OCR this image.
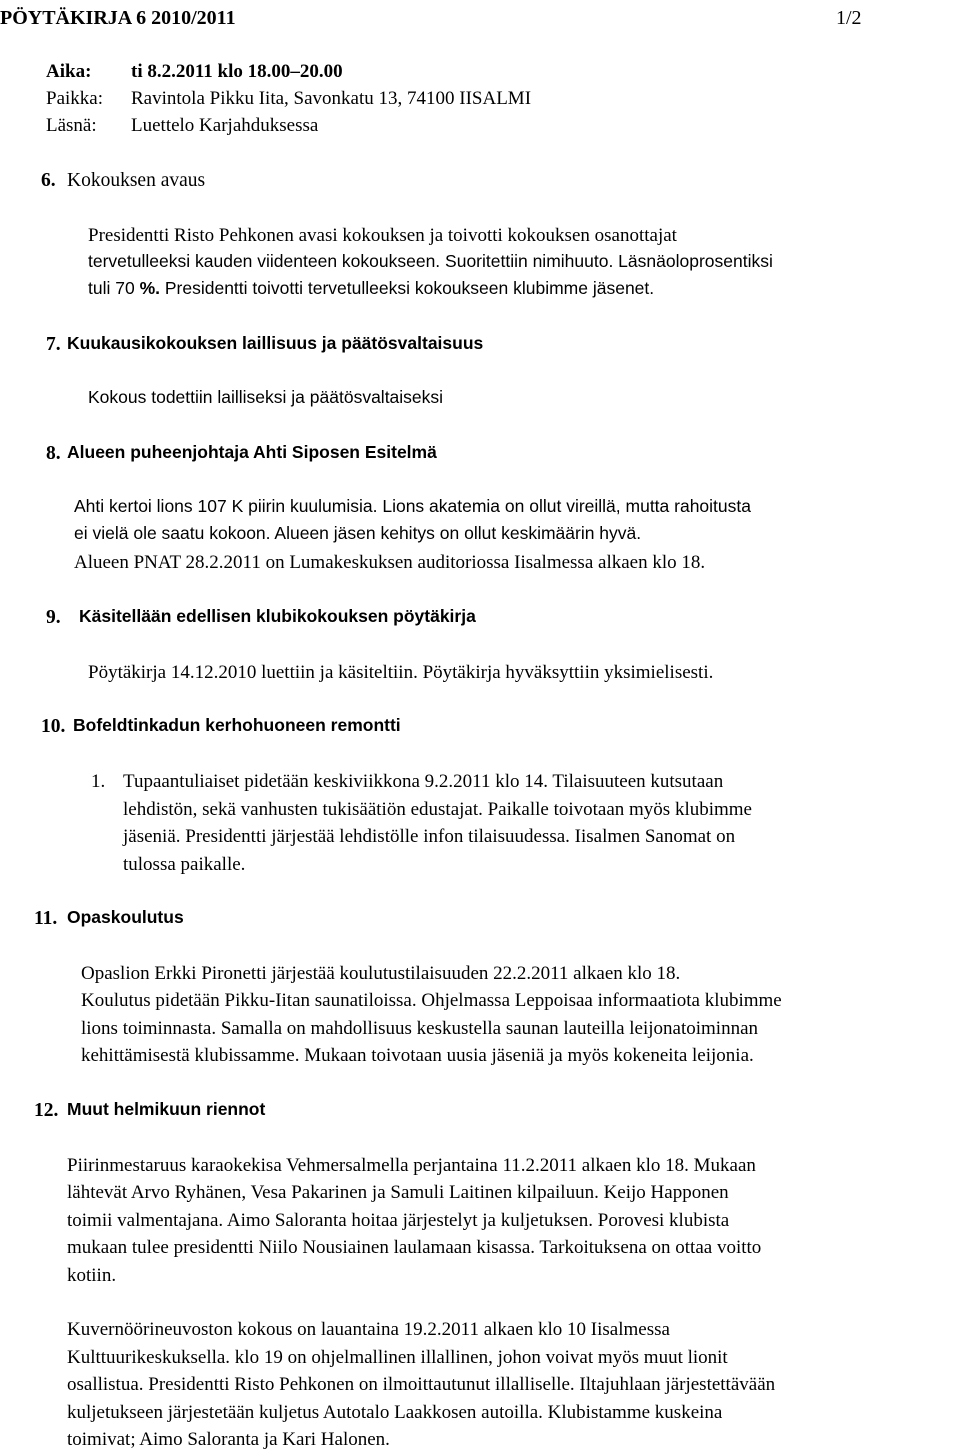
PÖYTÄKIRJA 6 2010/2011	1/2
Aika: ti 8.2.2011 klo 18.00–20.00
Paikka: Ravintola Pikku Iita, Savonkatu 13, 74100 IISALMI
Läsnä: Luettelo Karjahduksessa
6. Kokouksen avaus
Presidentti Risto Pehkonen avasi kokouksen ja toivotti kokouksen osanottajat
tervetulleeksi kauden viidenteen kokoukseen. Suoritettiin nimihuuto. Läsnäoloprosentiksi
tuli 70 %. Presidentti toivotti tervetulleeksi kokoukseen klubimme jäsenet.
7. Kuukausikokouksen laillisuus ja päätösvaltaisuus
Kokous todettiin lailliseksi ja päätösvaltaiseksi
8. Alueen puheenjohtaja Ahti Siposen Esitelmä
Ahti kertoi lions 107 K piirin kuulumisia. Lions akatemia on ollut vireillä, mutta rahoitusta
ei vielä ole saatu kokoon. Alueen jäsen kehitys on ollut keskimäärin hyvä.
Alueen PNAT 28.2.2011 on Lumakeskuksen auditoriossa Iisalmessa alkaen klo 18.
9. Käsitellään edellisen klubikokouksen pöytäkirja
Pöytäkirja 14.12.2010 luettiin ja käsiteltiin. Pöytäkirja hyväksyttiin yksimielisesti.
10. Bofeldtinkadun kerhohuoneen remontti
1. Tupaantuliaiset pidetään keskiviikkona 9.2.2011 klo 14. Tilaisuuteen kutsutaan
lehdistön, sekä vanhusten tukisäätiön edustajat. Paikalle toivotaan myös klubimme
jäseniä. Presidentti järjestää lehdistölle infon tilaisuudessa. Iisalmen Sanomat on
tulossa paikalle.
11. Opaskoulutus
Opaslion Erkki Pironetti järjestää koulutustilaisuuden 22.2.2011 alkaen klo 18.
Koulutus pidetään Pikku-Iitan saunatiloissa. Ohjelmassa Leppoisaa informaatiota klubimme
lions toiminnasta. Samalla on mahdollisuus keskustella saunan lauteilla leijonatoiminnan
kehittämisestä klubissamme. Mukaan toivotaan uusia jäseniä ja myös kokeneita leijonia.
12. Muut helmikuun riennot
Piirinmestaruus karaokekisa Vehmersalmella perjantaina 11.2.2011 alkaen klo 18. Mukaan
lähtevät Arvo Ryhänen, Vesa Pakarinen ja Samuli Laitinen kilpailuun. Keijo Happonen
toimii valmentajana. Aimo Saloranta hoitaa järjestelyt ja kuljetuksen. Porovesi klubista
mukaan tulee presidentti Niilo Nousiainen laulamaan kisassa. Tarkoituksena on ottaa voitto
kotiin.
Kuvernöörineuvoston kokous on lauantaina 19.2.2011 alkaen klo 10 Iisalmessa
Kulttuurikeskuksella. klo 19 on ohjelmallinen illallinen, johon voivat myös muut lionit
osallistua. Presidentti Risto Pehkonen on ilmoittautunut illalliselle. Iltajuhlaan järjestettävään
kuljetukseen järjestetään kuljetus Autotalo Laakkosen autoilla. Klubistamme kuskeina
toimivat; Aimo Saloranta ja Kari Halonen.
